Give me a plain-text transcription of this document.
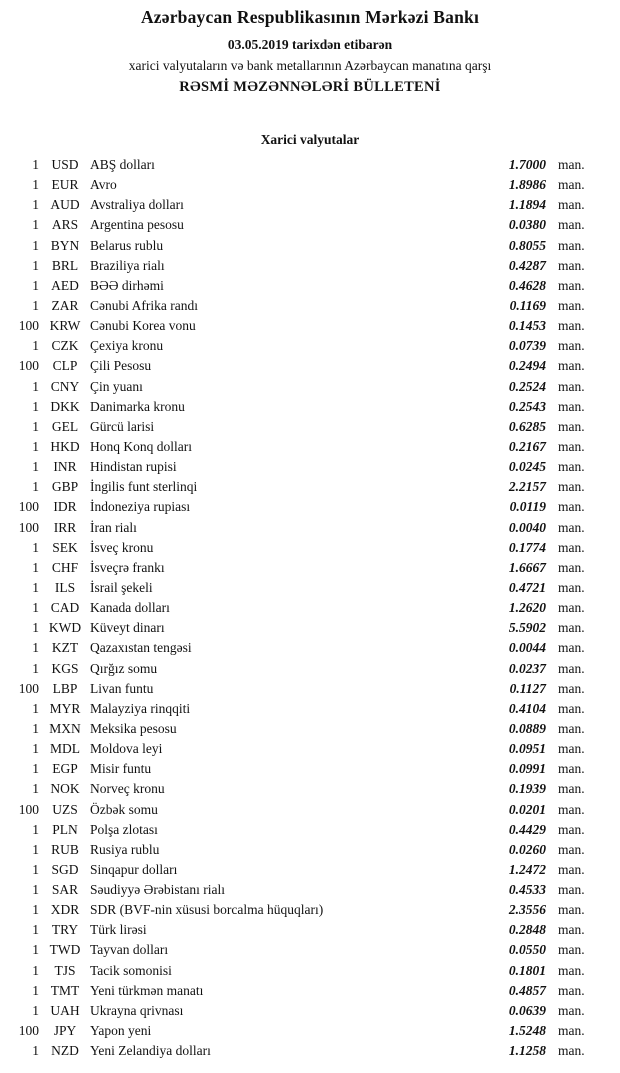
Azərbaycan Respublikasının Mərkəzi Bankı
03.05.2019 tarixdən etibarən
xarici valyutaların və bank metallarının Azərbaycan manatına qarşı
RƏSMİ MƏZƏNNƏLƏRİ BÜLLETENİ
Xarici valyutalar
1 USD ABŞ dolları	1.7000 man.
1 EUR Avro	1.8986 man.
1 AUD Avstraliya dolları	1.1894 man.
1 ARS Argentina pesosu	0.0380 man.
1 BYN Belarus rublu	0.8055 man.
1 BRL Braziliya rialı	0.4287 man.
1 AED BƏƏ dirhəmi	0.4628 man.
1 ZAR Cənubi Afrika randı	0.1169 man.
100 KRW Cənubi Korea vonu	0.1453 man.
1 CZK Çexiya kronu	0.0739 man.
100	CLP Çili Pesosu	0.2494 man.
1 CNY Çin yuanı	0.2524 man.
1 DKK Danimarka kronu	0.2543 man.
1 GEL Gürcü larisi	0.6285 man.
1 HKD Honq Konq dolları	0.2167 man.
1	INR Hindistan rupisi	0.0245 man.
1 GBP İngilis funt sterlinqi	2.2157 man.
100	IDR İndoneziya rupiası	0.0119 man.
100	IRR	İran rialı	0.0040 man.
1 SEK İsveç kronu	0.1774 man.
1 CHF İsveçrə frankı	1.6667 man.
1	ILS	İsrail şekeli	0.4721 man.
1 CAD Kanada dolları	1.2620 man.
1 KWD Küveyt dinarı	5.5902 man.
1 KZT Qazaxıstan tengəsi	0.0044 man.
1 KGS Qırğız somu	0.0237 man.
100	LBP Livan funtu	0.1127 man.
1 MYR Malayziya rinqqiti	0.4104 man.
1 MXN Meksika pesosu	0.0889 man.
1 MDL Moldova leyi	0.0951 man.
1 EGP Misir funtu	0.0991 man.
1 NOK Norveç kronu	0.1939 man.
100 UZS Özbək somu	0.0201 man.
1 PLN Polşa zlotası	0.4429 man.
1 RUB Rusiya rublu	0.0260 man.
1 SGD Sinqapur dolları	1.2472 man.
1 SAR Səudiyyə Ərəbistanı rialı	0.4533 man.
1 XDR SDR (BVF-nin xüsusi borcalma hüquqları)	2.3556 man.
1 TRY Türk lirəsi	0.2848 man.
1 TWD Tayvan dolları	0.0550 man.
1	TJS	Tacik somonisi	0.1801 man.
1 TMT Yeni türkmən manatı	0.4857 man.
1 UAH Ukrayna qrivnası	0.0639 man.
100	JPY	Yapon yeni	1.5248 man.
1 NZD Yeni Zelandiya dolları	1.1258 man.
